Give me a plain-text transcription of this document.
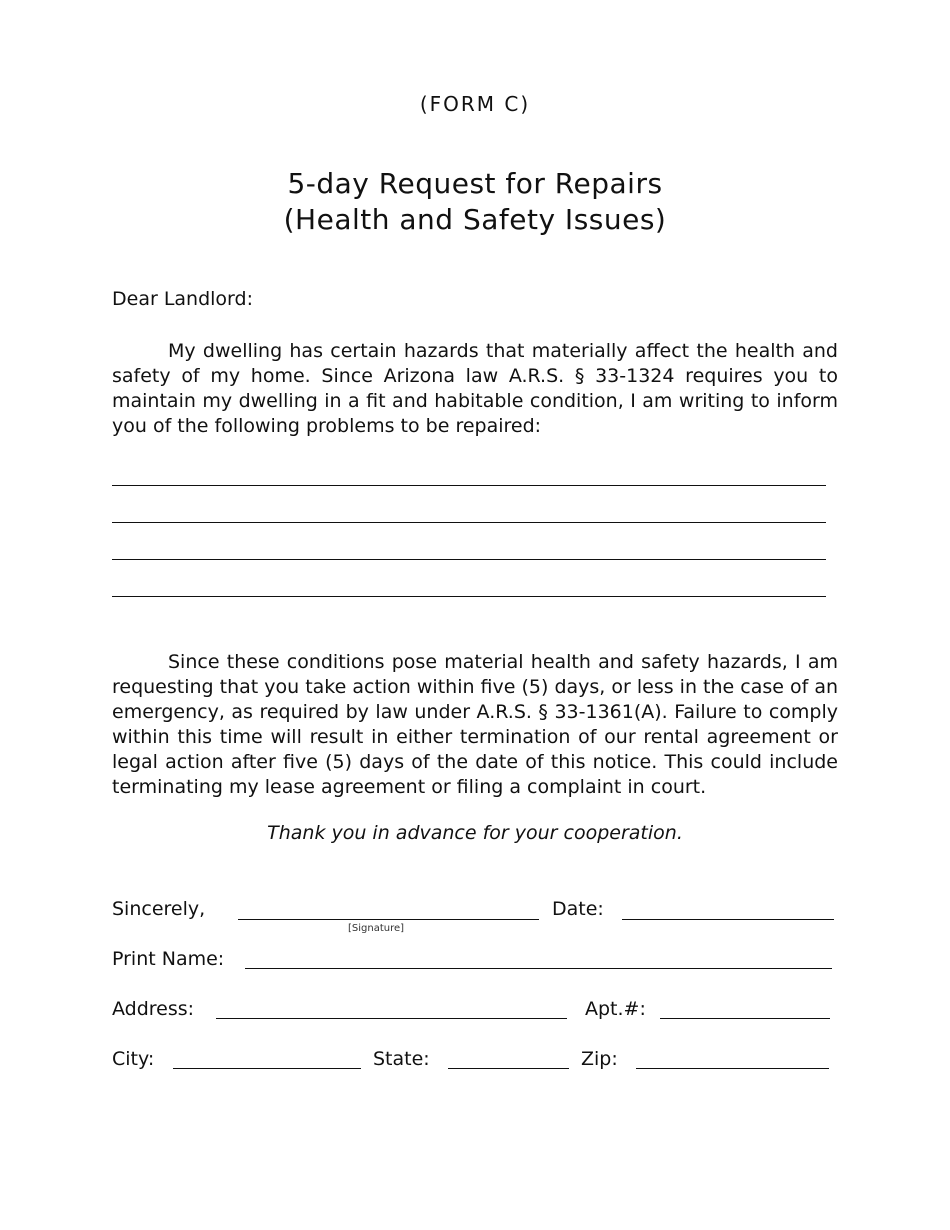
(FORM C)
5-day Request for Repairs
(Health and Safety Issues)
Dear Landlord:
My dwelling has certain hazards that materially affect the health and safety of my home. Since Arizona law A.R.S. § 33-1324 requires you to maintain my dwelling in a fit and habitable condition, I am writing to inform you of the following problems to be repaired:
Since these conditions pose material health and safety hazards, I am requesting that you take action within five (5) days, or less in the case of an emergency, as required by law under A.R.S. § 33-1361(A). Failure to comply within this time will result in either termination of our rental agreement or legal action after five (5) days of the date of this notice. This could include terminating my lease agreement or filing a complaint in court.
Thank you in advance for your cooperation.
Sincerely,
[Signature]
Date:
Print Name:
Address:	Apt.#:
City:	State:	Zip:
